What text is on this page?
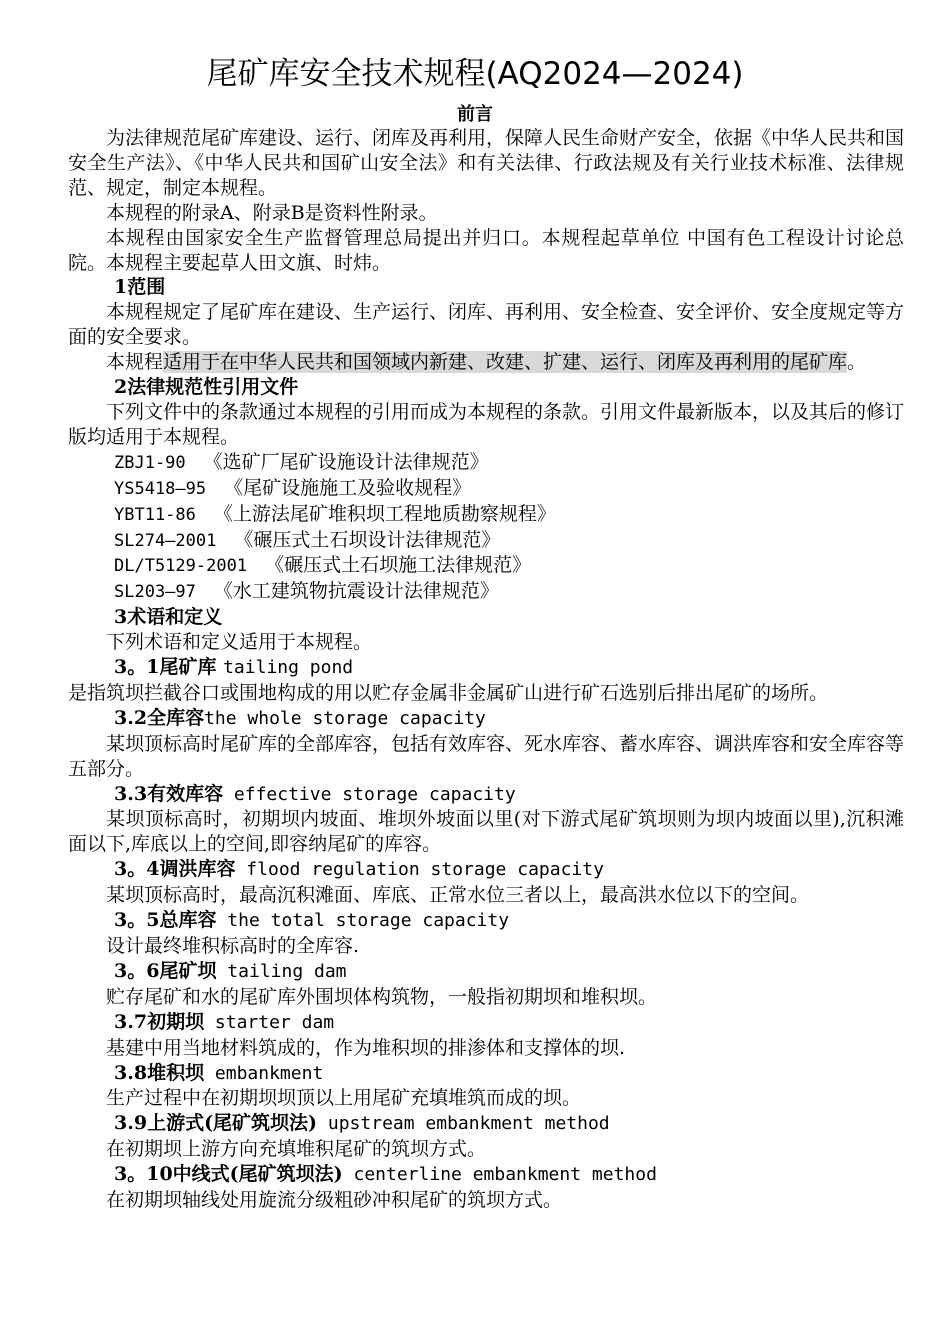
尾矿库安全技术规程(AQ2024—2024)
前言

为法律规范尾矿库建设、运行、闭库及再利用，保障人民生命财产安全，依据《中华人民共和国安全生产法》、《中华人民共和国矿山安全法》和有关法律、行政法规及有关行业技术标准、法律规范、规定，制定本规程。

本规程的附录A、附录B是资料性附录。

本规程由国家安全生产监督管理总局提出并归口。本规程起草单位 中国有色工程设计讨论总院。本规程主要起草人田文旗、时炜。

1范围

本规程规定了尾矿库在建设、生产运行、闭库、再利用、安全检查、安全评价、安全度规定等方面的安全要求。

本规程适用于在中华人民共和国领域内新建、改建、扩建、运行、闭库及再利用的尾矿库。

2法律规范性引用文件

下列文件中的条款通过本规程的引用而成为本规程的条款。引用文件最新版本，以及其后的修订版均适用于本规程。

ZBJ1-90 《选矿厂尾矿设施设计法律规范》

YS5418—95 《尾矿设施施工及验收规程》

YBT11-86 《上游法尾矿堆积坝工程地质勘察规程》

SL274—2001 《碾压式土石坝设计法律规范》

DL/T5129-2001 《碾压式土石坝施工法律规范》

SL203—97 《水工建筑物抗震设计法律规范》

3术语和定义

下列术语和定义适用于本规程。

3。1尾矿库 tailing pond

是指筑坝拦截谷口或围地构成的用以贮存金属非金属矿山进行矿石选别后排出尾矿的场所。

3.2全库容the whole storage capacity

某坝顶标高时尾矿库的全部库容，包括有效库容、死水库容、蓄水库容、调洪库容和安全库容等五部分。

3.3有效库容 effective storage capacity

某坝顶标高时，初期坝内坡面、堆坝外坡面以里(对下游式尾矿筑坝则为坝内坡面以里),沉积滩面以下,库底以上的空间,即容纳尾矿的库容。

3。4调洪库容 flood regulation storage capacity

某坝顶标高时，最高沉积滩面、库底、正常水位三者以上，最高洪水位以下的空间。

3。5总库容 the total storage capacity

设计最终堆积标高时的全库容.

3。6尾矿坝 tailing dam

贮存尾矿和水的尾矿库外围坝体构筑物，一般指初期坝和堆积坝。

3.7初期坝 starter dam

基建中用当地材料筑成的，作为堆积坝的排渗体和支撑体的坝.

3.8堆积坝 embankment

生产过程中在初期坝坝顶以上用尾矿充填堆筑而成的坝。

3.9上游式(尾矿筑坝法) upstream embankment method

在初期坝上游方向充填堆积尾矿的筑坝方式。

3。10中线式(尾矿筑坝法) centerline embankment method

在初期坝轴线处用旋流分级粗砂冲积尾矿的筑坝方式。
